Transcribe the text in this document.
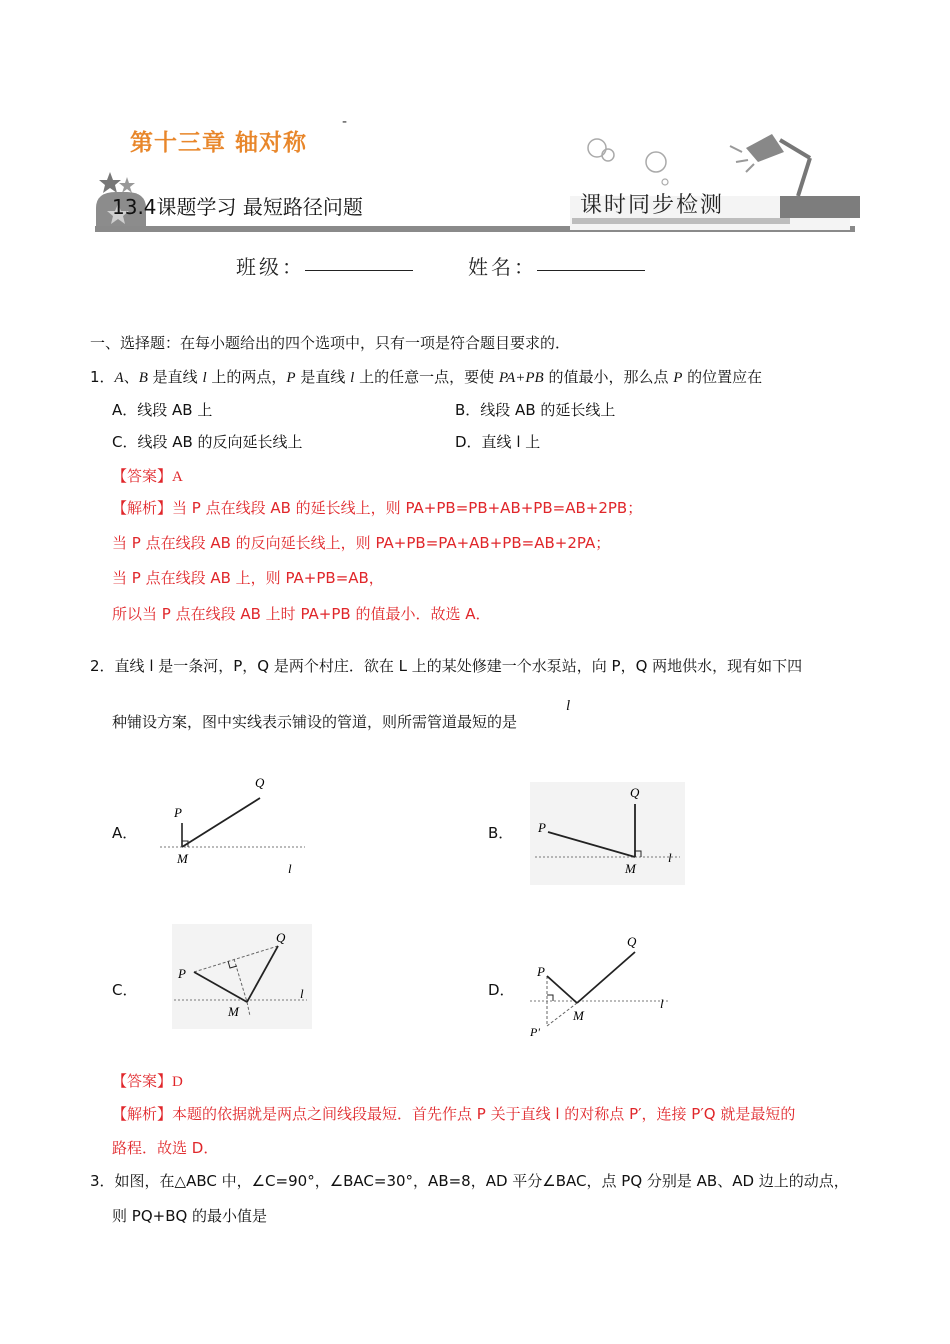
-
第十三章 轴对称
13.4课题学习 最短路径问题	课时同步检测
班级：	姓名：
一、选择题：在每小题给出的四个选项中，只有一项是符合题目要求的．
1．A、B 是直线 l 上的两点，P 是直线 l 上的任意一点，要使 PA+PB 的值最小，那么点 P 的位置应在
A．线段 AB 上	B．线段 AB 的延长线上
C．线段 AB 的反向延长线上	D．直线 l 上
【答案】A
【解析】当 P 点在线段 AB 的延长线上，则 PA+PB=PB+AB+PB=AB+2PB；
当 P 点在线段 AB 的反向延长线上，则 PA+PB=PA+AB+PB=AB+2PA；
当 P 点在线段 AB 上，则 PA+PB=AB，
所以当 P 点在线段 AB 上时 PA+PB 的值最小．故选 A．
2．直线 l 是一条河，P，Q 是两个村庄．欲在 L 上的某处修建一个水泵站，向 P，Q 两地供水，现有如下四
种铺设方案，图中实线表示铺设的管道，则所需管道最短的是
l
A．	B．
C．	D．
P
Q
M
l
P
Q
M
l
P
Q
M
l
P
Q
M
l
P'
【答案】D
【解析】本题的依据就是两点之间线段最短．首先作点 P 关于直线 l 的对称点 P′，连接 P′Q 就是最短的
路程．故选 D．
3．如图，在△ABC 中，∠C=90°，∠BAC=30°，AB=8，AD 平分∠BAC，点 PQ 分别是 AB、AD 边上的动点，
则 PQ+BQ 的最小值是
